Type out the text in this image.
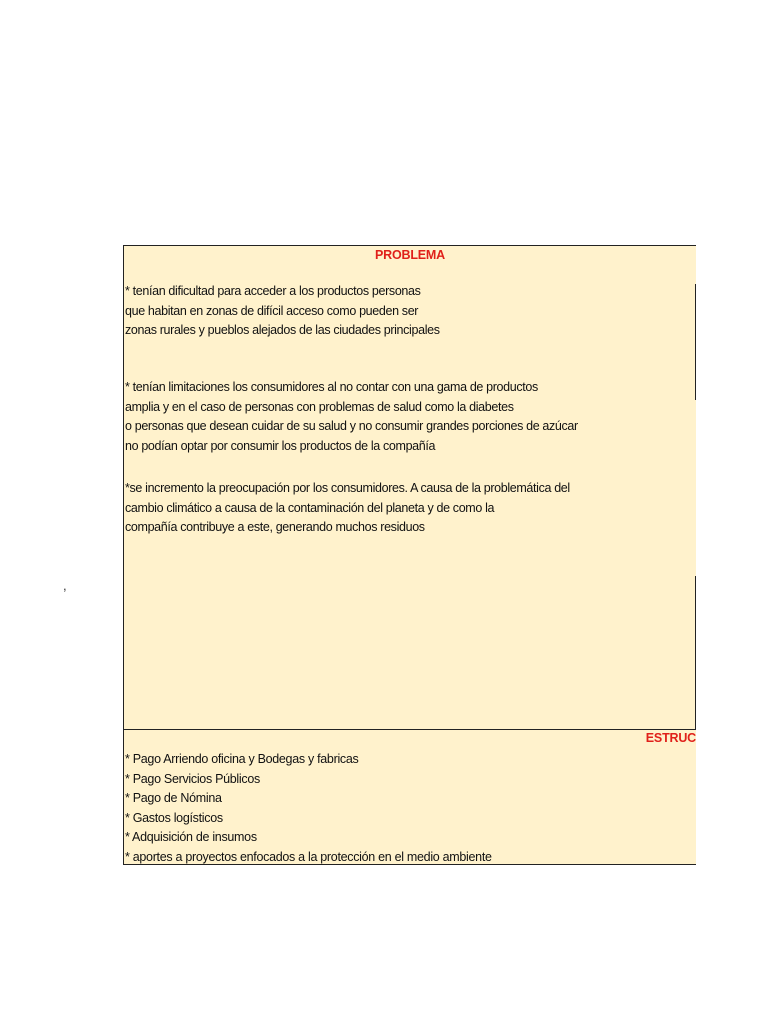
,
PROBLEMA
* tenían dificultad para acceder a los productos personas
que habitan en zonas de difícil acceso como pueden ser
zonas rurales y pueblos alejados de las ciudades principales
* tenían limitaciones los consumidores al no contar con una gama de productos
amplia y en el caso de personas con problemas de salud como la diabetes
o personas que desean cuidar de su salud y no consumir grandes porciones de azúcar
no podían optar por consumir los productos de la compañía
*se incremento la preocupación por los consumidores. A causa de la problemática del
cambio climático a causa de la contaminación del planeta y de como la
compañía contribuye a este, generando muchos residuos
ESTRUC
* Pago Arriendo oficina y Bodegas y fabricas
* Pago Servicios Públicos
* Pago de Nómina
* Gastos logísticos
* Adquisición de insumos
* aportes a proyectos enfocados a la protección en el medio ambiente
